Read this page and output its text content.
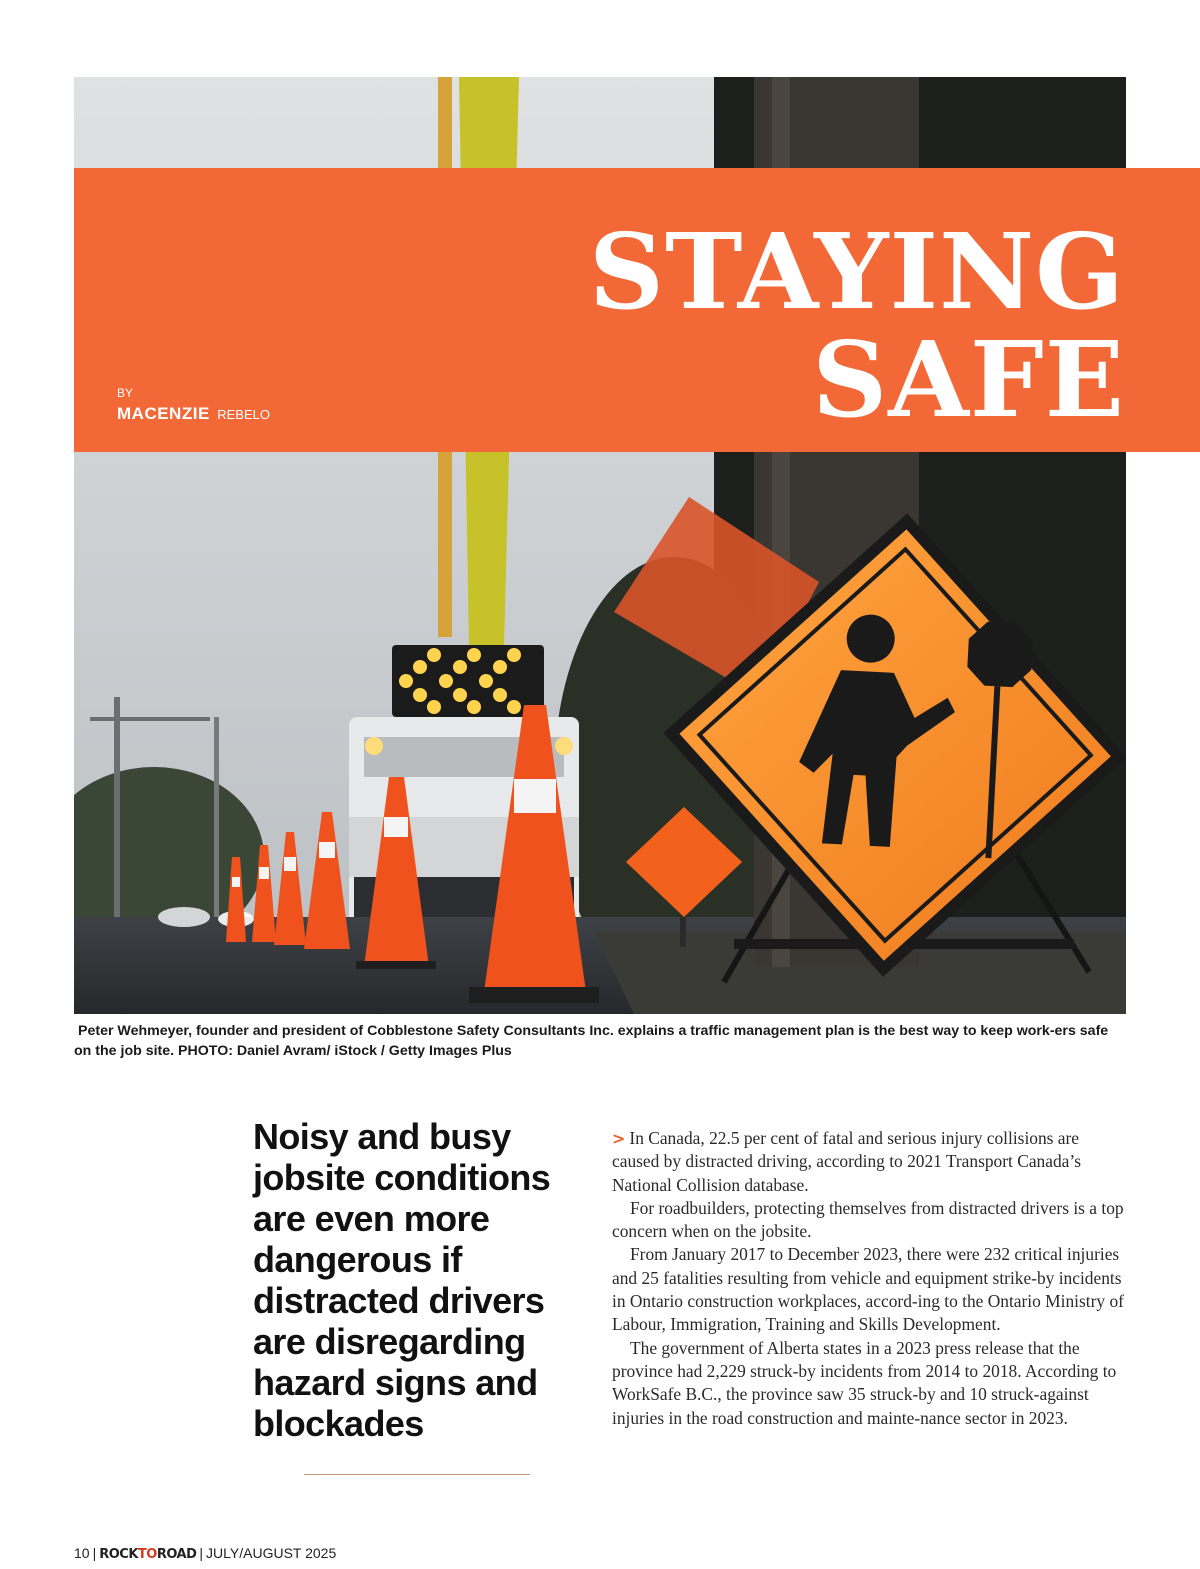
STAYING
SAFE
BY
MACENZIE REBELO
Peter Wehmeyer, founder and president of Cobblestone Safety Consultants Inc. explains a traffic management plan is the best way to keep work-ers safe on the job site. PHOTO: Daniel Avram/ iStock / Getty Images Plus
Noisy and busy jobsite conditions are even more dangerous if distracted drivers are disregarding hazard signs and blockades

> In Canada, 22.5 per cent of fatal and serious injury collisions are caused by distracted driving, according to 2021 Transport Canada’s National Collision database.

For roadbuilders, protecting themselves from distracted drivers is a top concern when on the jobsite.

From January 2017 to December 2023, there were 232 critical injuries and 25 fatalities resulting from vehicle and equipment strike-by incidents in Ontario construction workplaces, accord-ing to the Ontario Ministry of Labour, Immigration, Training and Skills Development.

The government of Alberta states in a 2023 press release that the province had 2,229 struck-by incidents from 2014 to 2018. According to WorkSafe B.C., the province saw 35 struck-by and 10 struck-against injuries in the road construction and mainte-nance sector in 2023.

10 | ROCKTOROAD | JULY/AUGUST 2025
